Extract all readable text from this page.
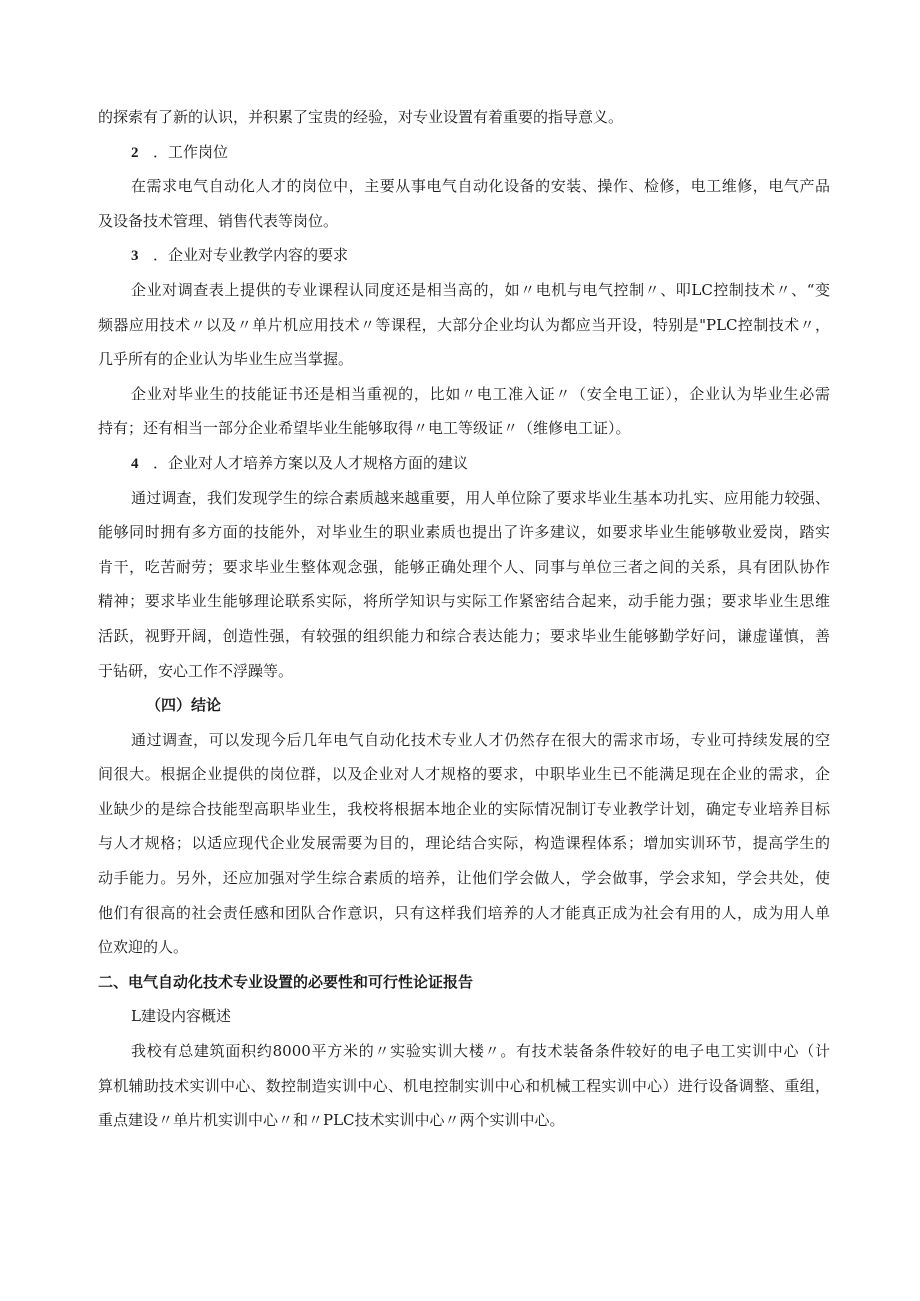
的探索有了新的认识，并积累了宝贵的经验，对专业设置有着重要的指导意义。
2 ．工作岗位
在需求电气自动化人才的岗位中，主要从事电气自动化设备的安装、操作、检修，电工维修，电气产品
及设备技术管理、销售代表等岗位。
3 ．企业对专业教学内容的要求
企业对调查表上提供的专业课程认同度还是相当高的，如〃电机与电气控制〃、叩LC控制技术〃、“变
频器应用技术〃以及〃单片机应用技术〃等课程，大部分企业均认为都应当开设，特别是"PLC控制技术〃，
几乎所有的企业认为毕业生应当掌握。
企业对毕业生的技能证书还是相当重视的，比如〃电工准入证〃（安全电工证），企业认为毕业生必需
持有；还有相当一部分企业希望毕业生能够取得〃电工等级证〃（维修电工证）。
4 ．企业对人才培养方案以及人才规格方面的建议
通过调查，我们发现学生的综合素质越来越重要，用人单位除了要求毕业生基本功扎实、应用能力较强、
能够同时拥有多方面的技能外，对毕业生的职业素质也提出了许多建议，如要求毕业生能够敬业爱岗，踏实
肯干，吃苦耐劳；要求毕业生整体观念强，能够正确处理个人、同事与单位三者之间的关系，具有团队协作
精神；要求毕业生能够理论联系实际，将所学知识与实际工作紧密结合起来，动手能力强；要求毕业生思维
活跃，视野开阔，创造性强，有较强的组织能力和综合表达能力；要求毕业生能够勤学好问，谦虚谨慎，善
于钻研，安心工作不浮躁等。
（四）结论
通过调查，可以发现今后几年电气自动化技术专业人才仍然存在很大的需求市场，专业可持续发展的空
间很大。根据企业提供的岗位群，以及企业对人才规格的要求，中职毕业生已不能满足现在企业的需求，企
业缺少的是综合技能型高职毕业生，我校将根据本地企业的实际情况制订专业教学计划，确定专业培养目标
与人才规格；以适应现代企业发展需要为目的，理论结合实际，构造课程体系；增加实训环节，提高学生的
动手能力。另外，还应加强对学生综合素质的培养，让他们学会做人，学会做事，学会求知，学会共处，使
他们有很高的社会责任感和团队合作意识，只有这样我们培养的人才能真正成为社会有用的人，成为用人单
位欢迎的人。
二、电气自动化技术专业设置的必要性和可行性论证报告
L建设内容概述
我校有总建筑面积约8000平方米的〃实验实训大楼〃。有技术装备条件较好的电子电工实训中心（计
算机辅助技术实训中心、数控制造实训中心、机电控制实训中心和机械工程实训中心）进行设备调整、重组，
重点建设〃单片机实训中心〃和〃PLC技术实训中心〃两个实训中心。
